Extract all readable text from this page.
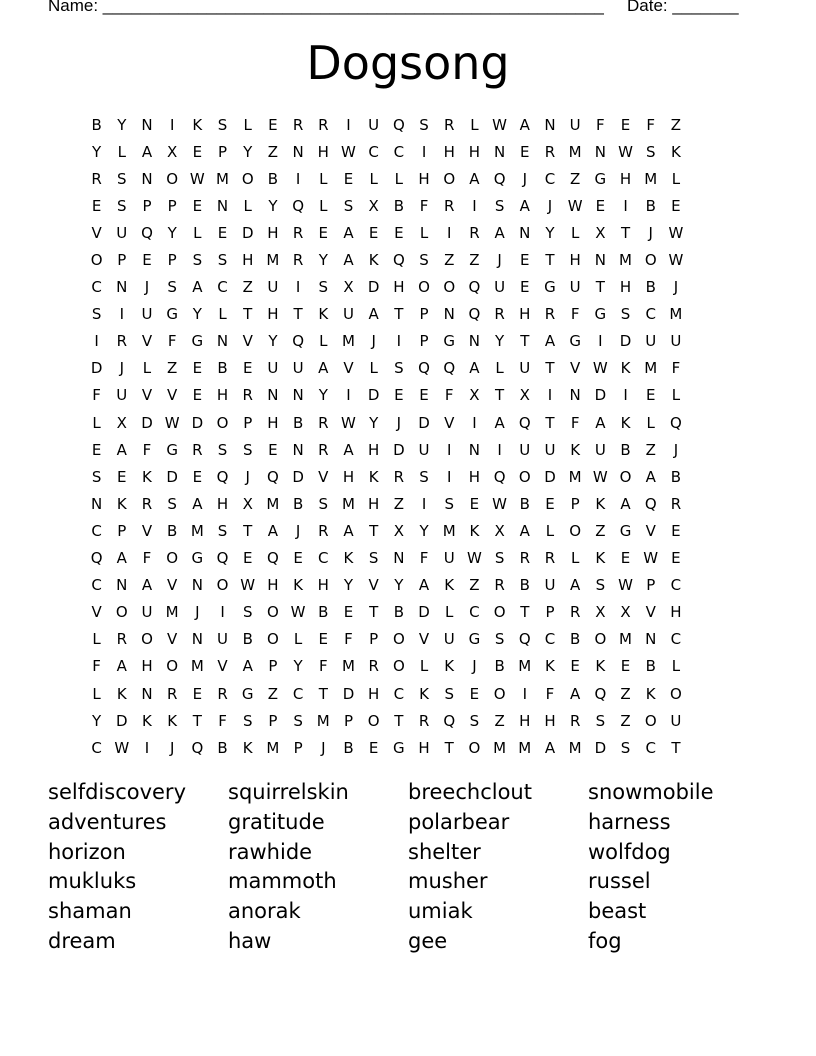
Name: _____________________________________________________ Date: _______
Dogsong
B	Y N	I	K	S	L	E	R R	I	U Q S	R	L W A N U	F	E	F	Z
Y	L	A X	E	P	Y	Z N H W C C	I	H H N E	R M N W S	K
R	S N O W M O B	I	L	E	L	L	H O A Q	J	C Z G H M L
E	S	P	P	E N	L	Y Q	L	S	X B	F	R	I	S	A	J	W E	I	B	E
V U Q Y	L	E D H R	E	A	E	E	L	I	R A N Y	L	X	T	J	W
O P	E	P	S	S H M R	Y	A	K Q S	Z Z	J	E	T H N M O W
C N	J	S	A C Z U	I	S	X D H O O Q U E G U	T H B	J
S	I	U G Y	L	T H T	K U A	T	P	N Q R H R	F	G S	C M
I	R V	F	G N V	Y Q	L M	J	I	P G N Y	T	A G	I	D U U
D	J	L	Z	E	B	E U U A V	L	S Q Q A	L	U	T	V W K M F
F	U V V	E H R N N Y	I	D E	E	F	X	T	X	I	N D	I	E	L
L	X D W D O P	H B R W Y	J	D V	I	A Q T	F	A	K	L	Q
E	A	F	G R	S	S	E N R A H D U	I	N	I	U U K U B Z	J
S	E	K D E Q	J	Q D V H K	R	S	I	H Q O D M W O A B
N K	R	S	A H X M B	S M H Z	I	S	E W B	E	P	K	A Q R
C	P	V B M S	T	A	J	R A	T	X	Y M K	X A	L	O Z G V	E
Q A	F O G Q E Q E	C	K	S N	F	U W S	R R	L	K	E W E
C N A V N O W H K H Y	V	Y	A	K	Z R B U A	S W P	C
V O U M	J	I	S O W B	E	T	B D	L	C O T	P	R X X V H
L	R O V N U B O	L	E	F	P O V U G S Q C B O M N C
F	A H O M V A	P	Y	F M R O	L	K	J	B M K	E	K	E	B	L
L	K N R	E	R G Z C	T D H C	K	S	E O	I	F	A Q Z	K O
Y D K	K	T	F	S	P	S M P O T	R Q S	Z H H R	S	Z O U
C W	I	J	Q B	K M P	J	B	E G H T O M M A M D S	C	T
selfdiscovery	squirrelskin	breechclout	snowmobile
adventures	gratitude	polarbear	harness
horizon	rawhide	shelter	wolfdog
mukluks	mammoth	musher	russel
shaman	anorak	umiak	beast
dream	haw	gee	fog
